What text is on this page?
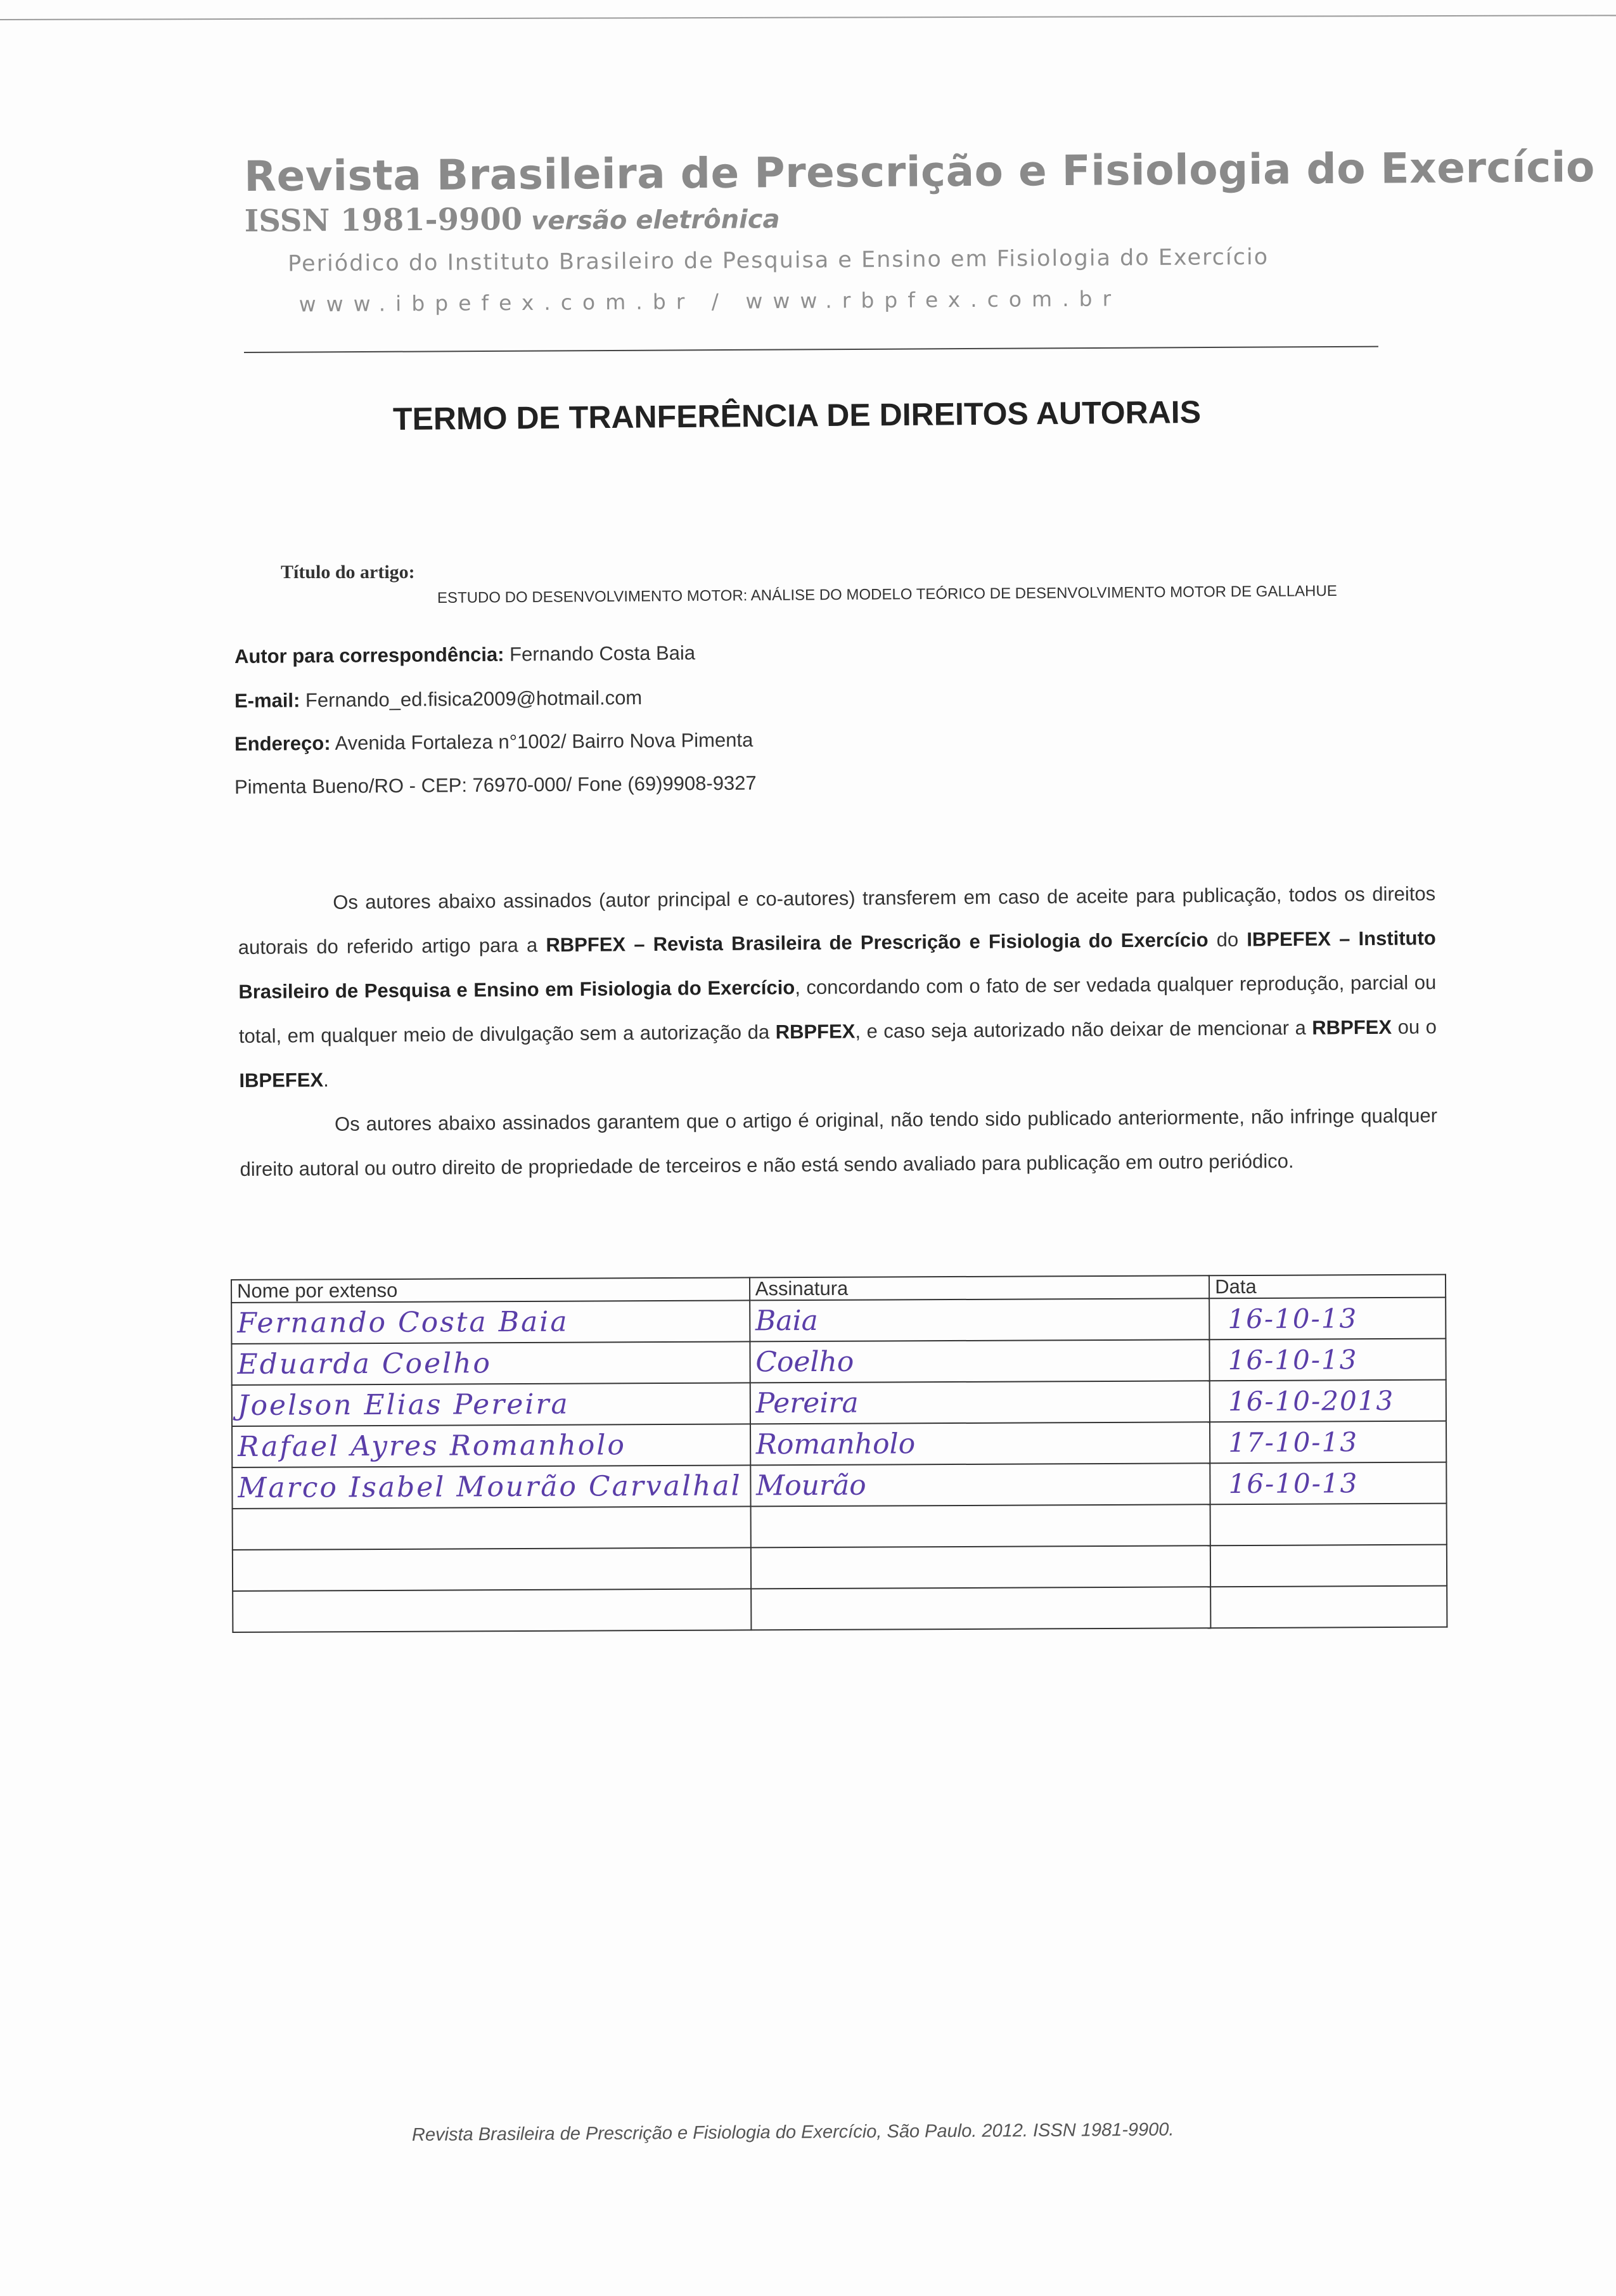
Revista Brasileira de Prescrição e Fisiologia do Exercício
ISSN 1981-9900 versão eletrônica
Periódico do Instituto Brasileiro de Pesquisa e Ensino em Fisiologia do Exercício
www.ibpefex.com.br / www.rbpfex.com.br
TERMO DE TRANFERÊNCIA DE DIREITOS AUTORAIS
Título do artigo:
ESTUDO DO DESENVOLVIMENTO MOTOR: ANÁLISE DO MODELO TEÓRICO DE DESENVOLVIMENTO MOTOR DE GALLAHUE
Autor para correspondência: Fernando Costa Baia
E-mail: Fernando_ed.fisica2009@hotmail.com
Endereço: Avenida Fortaleza n°1002/ Bairro Nova Pimenta
Pimenta Bueno/RO - CEP: 76970-000/ Fone (69)9908-9327

Os autores abaixo assinados (autor principal e co-autores) transferem em caso de aceite para publicação, todos os direitos autorais do referido artigo para a RBPFEX – Revista Brasileira de Prescrição e Fisiologia do Exercício do IBPEFEX – Instituto Brasileiro de Pesquisa e Ensino em Fisiologia do Exercício, concordando com o fato de ser vedada qualquer reprodução, parcial ou total, em qualquer meio de divulgação sem a autorização da RBPFEX, e caso seja autorizado não deixar de mencionar a RBPFEX ou o IBPEFEX.

Os autores abaixo assinados garantem que o artigo é original, não tendo sido publicado anteriormente, não infringe qualquer direito autoral ou outro direito de propriedade de terceiros e não está sendo avaliado para publicação em outro periódico.

Nome por extenso	Assinatura	Data
Fernando Costa Baia	Baia	16-10-13
Eduarda Coelho	Coelho	16-10-13
Joelson Elias Pereira	Pereira	16-10-2013
Rafael Ayres Romanholo	Romanholo	17-10-13
Marco Isabel Mourão Carvalhal	Mourão	16-10-13

Revista Brasileira de Prescrição e Fisiologia do Exercício, São Paulo. 2012. ISSN 1981-9900.
